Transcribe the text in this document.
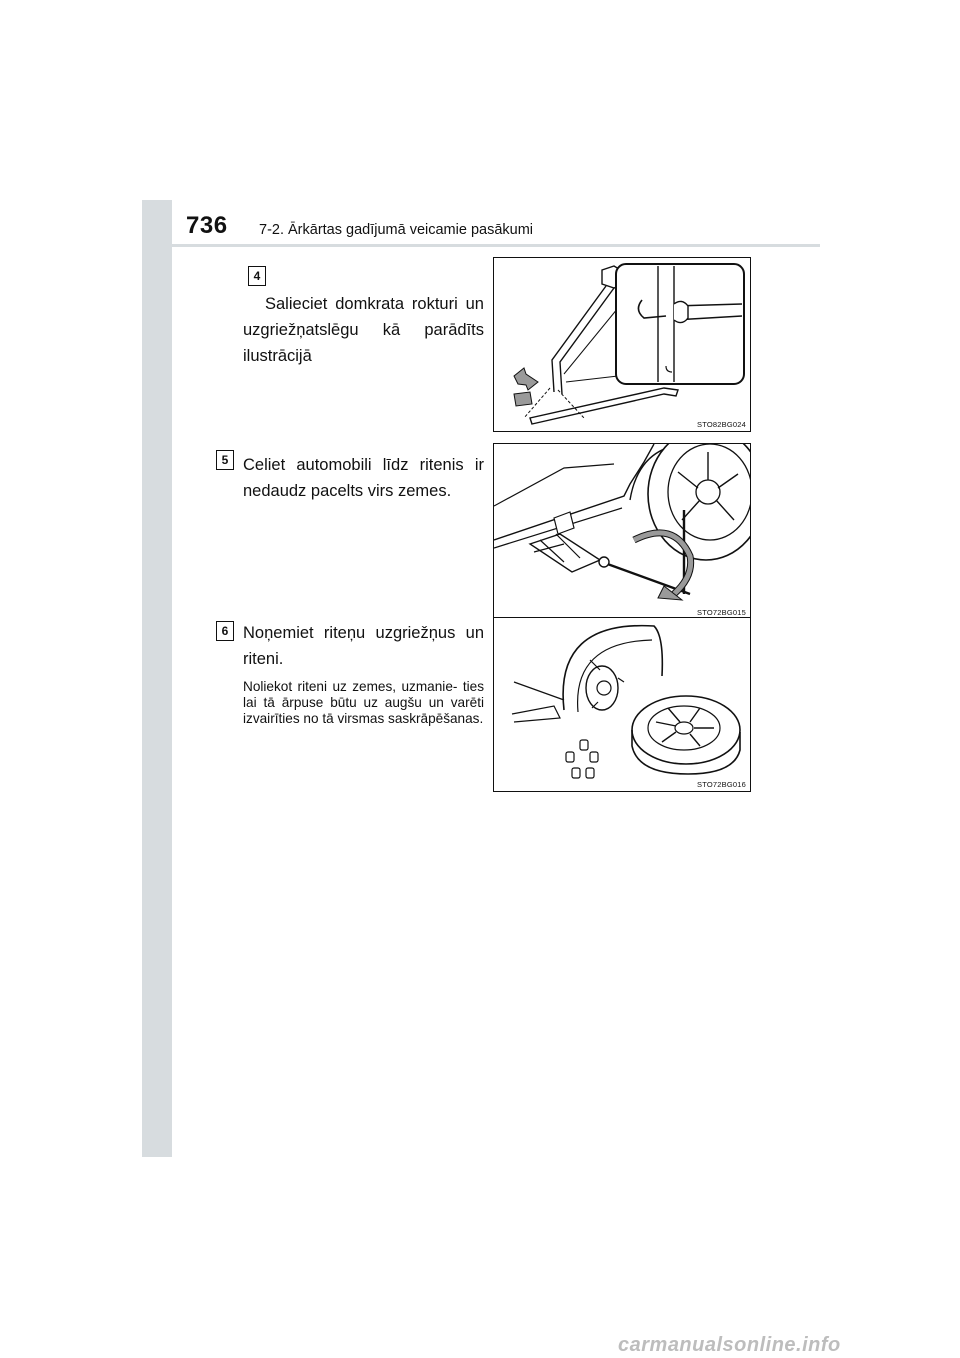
736 7-2. Ārkārtas gadījumā veicamie pasākumi
4
Salieciet domkrata rokturi un uzgriežņatslēgu kā parādīts ilustrācijā
STO82BG024
5 Celiet automobili līdz ritenis ir nedaudz pacelts virs zemes.
STO72BG015
6 Noņemiet riteņu uzgriežņus un riteni.
Noliekot riteni uz zemes, uzmanie- ties lai tā ārpuse būtu uz augšu un varēti izvairīties no tā virsmas saskrāpēšanas.
STO72BG016
carmanualsonline.info
